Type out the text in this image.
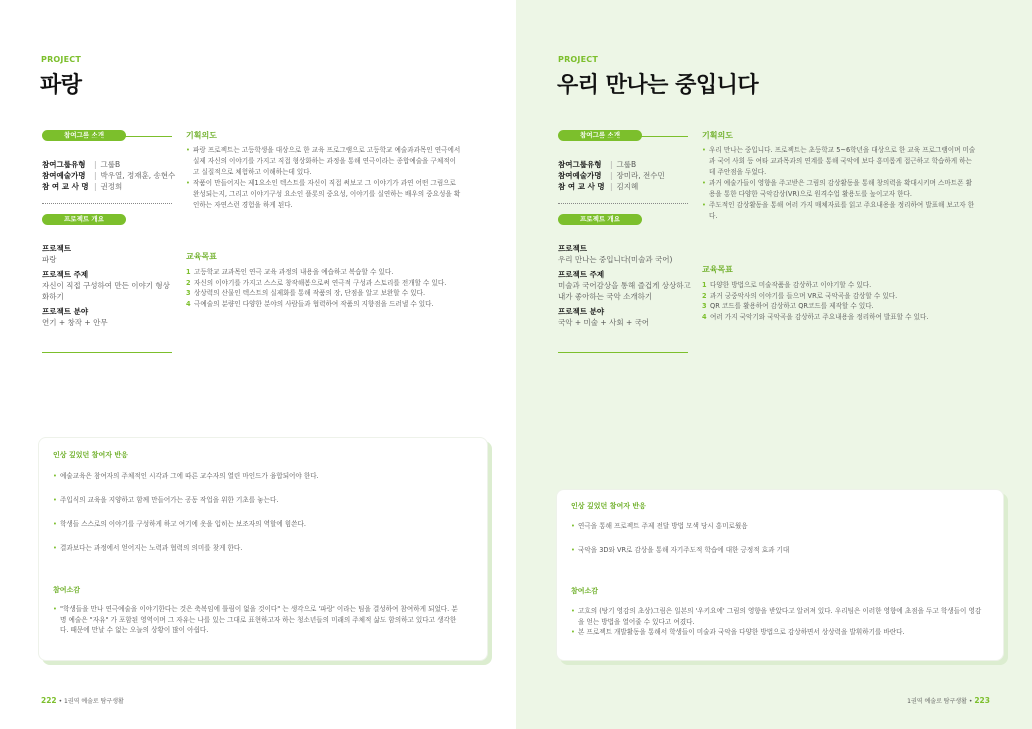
PROJECT
파랑
참여그룹 소개
참여그룹유형	| 그룹B
참여예술가명	| 박우열, 정재훈, 송현수
참 여 교 사 명 | 권정희
프로젝트 개요
프로젝트
파랑
프로젝트 주제
자신이 직접 구성하여 만든 이야기 형상화하기
프로젝트 분야
연기 + 창작 + 안무
기획의도
• 파랑 프로젝트는 고등학생을 대상으로 한 교육 프로그램으로 고등학교 예술과과목인 연극에서 실제 자신의 이야기를 가지고 직접 형상화하는 과정을 통해 연극이라는 종합예술을 구체적이고 실질적으로 체험하고 이해하는데 있다.
• 작품이 만들어지는 제1요소인 텍스트를 자신이 직접 써보고 그 이야기가 과연 어떤 그림으로 완성되는지, 그리고 이야기구성 요소인 플롯의 중요성, 이야기를 실연하는 배우의 중요성을 확인하는 자연스런 경험을 하게 된다.
교육목표
1 고등학교 교과목인 연극 교육 과정의 내용을 예습하고 복습할 수 있다.
2 자신의 이야기를 가지고 스스로 창작해봄으로써 연극적 구성과 스토리를 전개할 수 있다.
3 상상력의 산물인 텍스트의 실제화를 통해 작품의 장, 단점을 알고 보완할 수 있다.
4 극예술의 분량인 다양한 분야의 사람들과 협력하여 작품의 지향점을 드러낼 수 있다.
인상 깊었던 참여자 반응
• 예술교육은 참여자의 주체적인 시각과 그에 따른 교수자의 열린 마인드가 융합되어야 한다.
• 주입식의 교육을 지양하고 함께 만들어가는 공동 작업을 위한 기초를 놓는다.
• 학생들 스스로의 이야기를 구성하게 하고 여기에 옷을 입히는 보조자의 역할에 힘쓴다.
• 결과보다는 과정에서 얻어지는 노력과 협력의 의미를 찾게 한다.
참여소감
• "학생들을 만나 연극예술을 이야기한다는 것은 축복임에 틀림이 없을 것이다" 는 생각으로 '파랑' 이라는 팀을 결성하여 참여하게 되었다. 분명 예술은 "자유" 가 포함된 영역이며 그 자유는 나를 있는 그대로 표현하고자 하는 청소년들의 미래의 주체적 삶도 함의하고 있다고 생각한다. 때문에 만날 수 없는 오늘의 상황이 많이 아쉽다.
222 • 1권역 예술로 탐구생활
PROJECT
우리 만나는 중입니다
참여그룹 소개
참여그룹유형	| 그룹B
참여예술가명	| 장미라, 전수민
참 여 교 사 명 | 김지혜
프로젝트 개요
프로젝트
우리 만나는 중입니다(미술과 국어)
프로젝트 주제
미술과 국어감상을 통해 즐겁게 상상하고 내가 좋아하는 국악 소개하기
프로젝트 분야
국악 + 미술 + 사회 + 국어
기획의도
• 우리 만나는 중입니다. 프로젝트는 초등학교 5~6학년을 대상으로 한 교육 프로그램이며 미술과 국어 사회 등 여타 교과목과의 연계를 통해 국악에 보다 흥미롭게 접근하고 학습하게 하는데 주안점을 두었다.
• 과거 예술가들이 영향을 주고받은 그림의 감상활동을 통해 창의력을 확대시키며 스마트폰 활용을 통한 다양한 국악감상(VR)으로 원격수업 활용도를 높이고자 한다.
• 주도적인 감상활동을 통해 여러 가지 매체자료를 읽고 주요내용을 정리하여 발표해 보고자 한다.
교육목표
1 다양한 방법으로 미술작품을 감상하고 이야기할 수 있다.
2 과거 궁중악사의 이야기를 들으며 VR로 국악곡을 감상할 수 있다.
3 QR 코드를 활용하여 감상하고 QR코드를 제작할 수 있다.
4 여러 가지 국악기와 국악곡을 감상하고 주요내용을 정리하여 발표할 수 있다.
인상 깊었던 참여자 반응
• 연극을 통해 프로젝트 주제 전달 방법 모색 당시 흥미로웠음
• 국악을 3D와 VR로 감상을 통해 자기주도적 학습에 대한 긍정적 효과 기대
참여소감
• 고흐의 (탕기 영감의 초상)그림은 일본의 '우키요에' 그림의 영향을 받았다고 알려져 있다. 우리팀은 이러한 영향에 초점을 두고 학생들이 영감을 얻는 방법을 열어줄 수 있다고 여겼다.
• 본 프로젝트 개발활동을 통해서 학생들이 미술과 국악을 다양한 방법으로 감상하면서 상상력을 발휘하기를 바란다.
1권역 예술로 탐구생활 • 223
